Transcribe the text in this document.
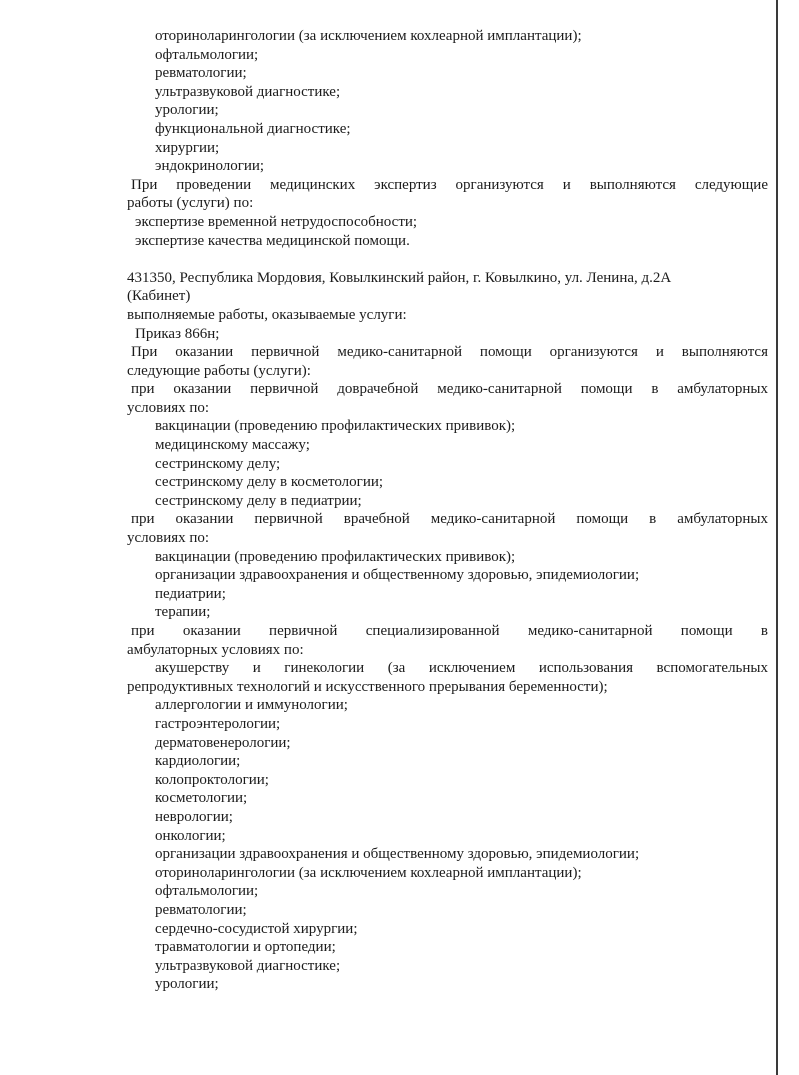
оториноларингологии (за исключением кохлеарной имплантации);
офтальмологии;
ревматологии;
ультразвуковой диагностике;
урологии;
функциональной диагностике;
хирургии;
эндокринологии;
При проведении медицинских экспертиз организуются и выполняются следующие
работы (услуги) по:
экспертизе временной нетрудоспособности;
экспертизе качества медицинской помощи.
431350, Республика Мордовия, Ковылкинский район, г. Ковылкино, ул. Ленина, д.2А
(Кабинет)
выполняемые работы, оказываемые услуги:
Приказ 866н;
При оказании первичной медико-санитарной помощи организуются и выполняются
следующие работы (услуги):
при оказании первичной доврачебной медико-санитарной помощи в амбулаторных
условиях по:
вакцинации (проведению профилактических прививок);
медицинскому массажу;
сестринскому делу;
сестринскому делу в косметологии;
сестринскому делу в педиатрии;
при оказании первичной врачебной медико-санитарной помощи в амбулаторных
условиях по:
вакцинации (проведению профилактических прививок);
организации здравоохранения и общественному здоровью, эпидемиологии;
педиатрии;
терапии;
при оказании первичной специализированной медико-санитарной помощи в
амбулаторных условиях по:
акушерству и гинекологии (за исключением использования вспомогательных
репродуктивных технологий и искусственного прерывания беременности);
аллергологии и иммунологии;
гастроэнтерологии;
дерматовенерологии;
кардиологии;
колопроктологии;
косметологии;
неврологии;
онкологии;
организации здравоохранения и общественному здоровью, эпидемиологии;
оториноларингологии (за исключением кохлеарной имплантации);
офтальмологии;
ревматологии;
сердечно-сосудистой хирургии;
травматологии и ортопедии;
ультразвуковой диагностике;
урологии;
